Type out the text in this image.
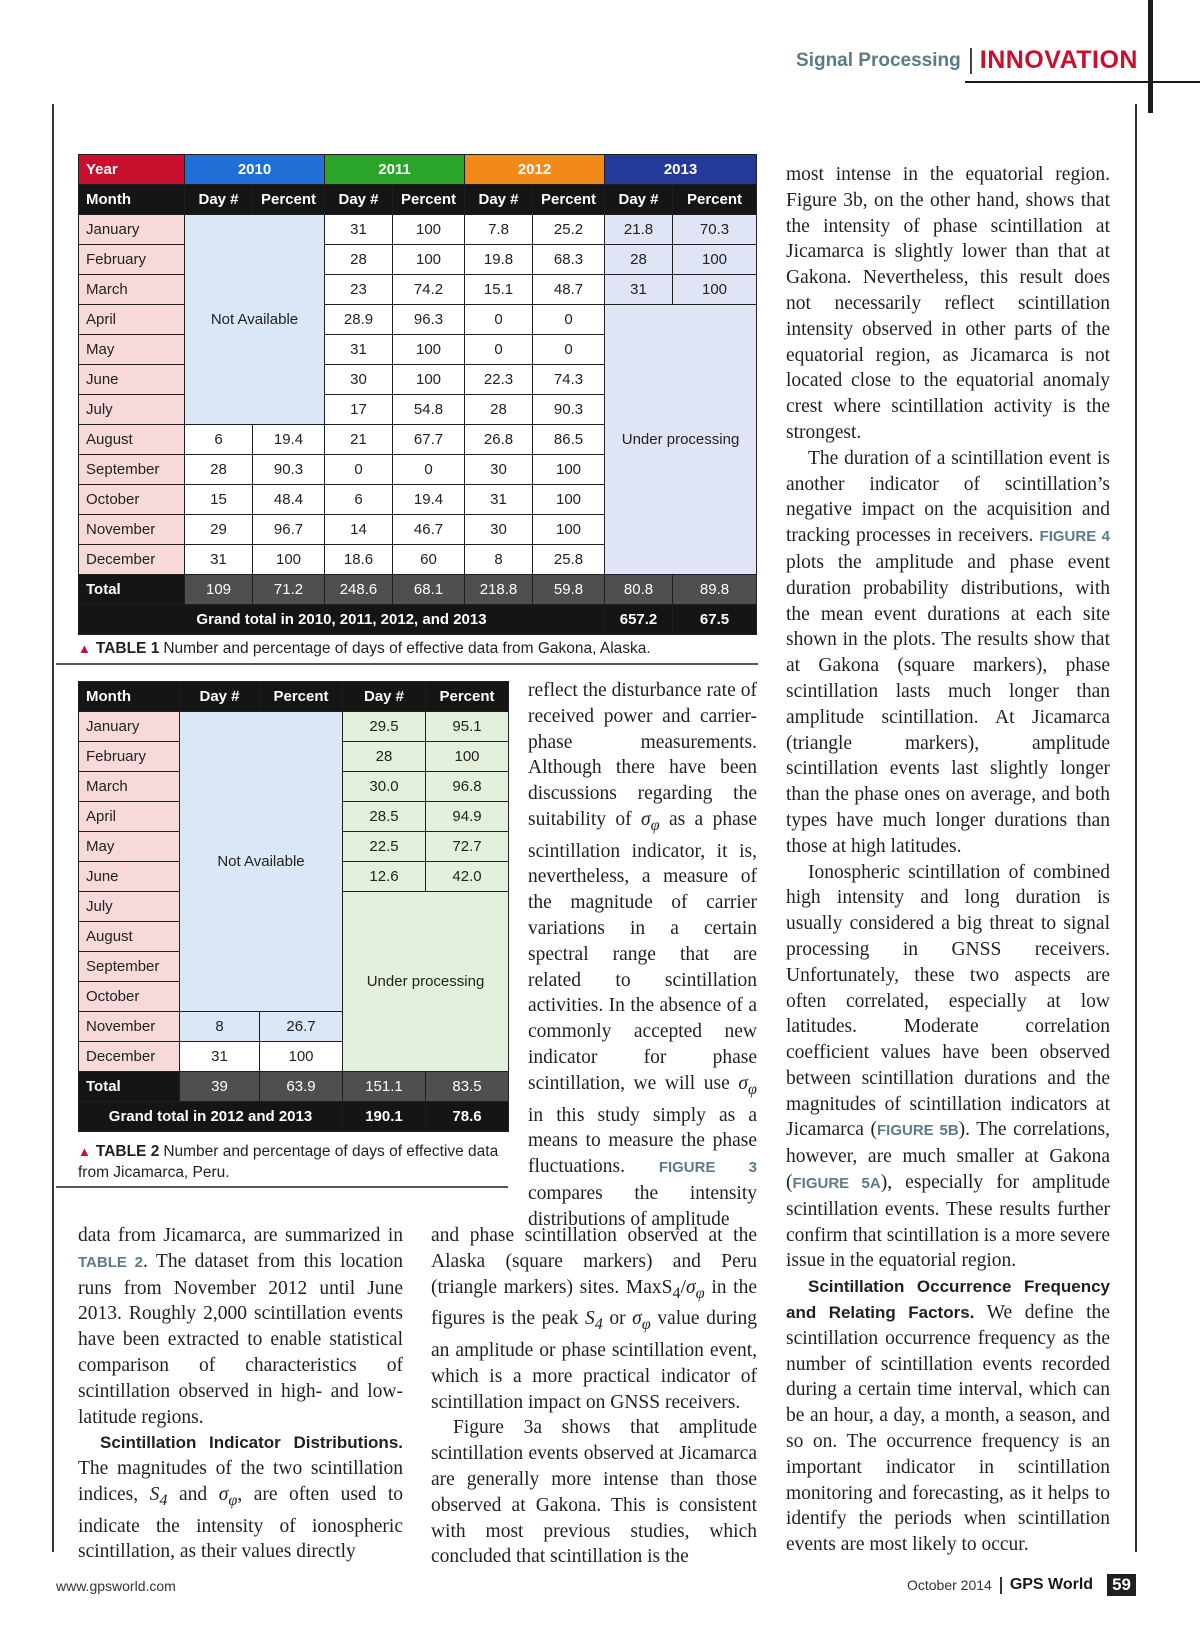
Signal Processing INNOVATION
Year	2010		2011		2012		2013	
Month	Day #	Percent	Day #	Percent	Day #	Percent	Day #	Percent
January	Not Available		31	100	7.8	25.2	21.8	70.3
February			28	100	19.8	68.3	28	100
March			23	74.2	15.1	48.7	31	100
April			28.9	96.3	0	0	Under processing	
May			31	100	0	0		
June			30	100	22.3	74.3		
July			17	54.8	28	90.3		
August	6	19.4	21	67.7	26.8	86.5		
September	28	90.3	0	0	30	100		
October	15	48.4	6	19.4	31	100		
November	29	96.7	14	46.7	30	100		
December	31	100	18.6	60	8	25.8		
Total	109	71.2	248.6	68.1	218.8	59.8	80.8	89.8
Grand total in 2010, 2011, 2012, and 2013							657.2	67.5
▲ TABLE 1 Number and percentage of days of effective data from Gakona, Alaska.
Month	Day #	Percent	Day #	Percent
January	Not Available		29.5	95.1
February			28	100
March			30.0	96.8
April			28.5	94.9
May			22.5	72.7
June			12.6	42.0
July			Under processing	
August				
September				
October				
November	8	26.7		
December	31	100		
Total	39	63.9	151.1	83.5
Grand total in 2012 and 2013			190.1	78.6
▲ TABLE 2 Number and percentage of days of effective data from Jicamarca, Peru.

data from Jicamarca, are summarized in TABLE 2. The dataset from this location runs from November 2012 until June 2013. Roughly 2,000 scintillation events have been extracted to enable statistical comparison of characteristics of scintillation observed in high- and low-latitude regions.

Scintillation Indicator Distributions. The magnitudes of the two scintillation indices, $S_4$ and $\sigma_\varphi$, are often used to indicate the intensity of ionospheric scintillation, as their values directly

reflect the disturbance rate of received power and carrier-phase measurements. Although there have been discussions regarding the suitability of $\sigma_\varphi$ as a phase scintillation indicator, it is, nevertheless, a measure of the magnitude of carrier variations in a certain spectral range that are related to scintillation activities. In the absence of a commonly accepted new indicator for phase scintillation, we will use $\sigma_\varphi$ in this study simply as a means to measure the phase fluctuations. FIGURE 3 compares the intensity distributions of amplitude

and phase scintillation observed at the Alaska (square markers) and Peru (triangle markers) sites. $MaxS_4/\sigma_\varphi$ in the figures is the peak $S_4$ or $\sigma_\varphi$ value during an amplitude or phase scintillation event, which is a more practical indicator of scintillation impact on GNSS receivers.

Figure 3a shows that amplitude scintillation events observed at Jicamarca are generally more intense than those observed at Gakona. This is consistent with most previous studies, which concluded that scintillation is the

most intense in the equatorial region. Figure 3b, on the other hand, shows that the intensity of phase scintillation at Jicamarca is slightly lower than that at Gakona. Nevertheless, this result does not necessarily reflect scintillation intensity observed in other parts of the equatorial region, as Jicamarca is not located close to the equatorial anomaly crest where scintillation activity is the strongest.

The duration of a scintillation event is another indicator of scintillation’s negative impact on the acquisition and tracking processes in receivers. FIGURE 4 plots the amplitude and phase event duration probability distributions, with the mean event durations at each site shown in the plots. The results show that at Gakona (square markers), phase scintillation lasts much longer than amplitude scintillation. At Jicamarca (triangle markers), amplitude scintillation events last slightly longer than the phase ones on average, and both types have much longer durations than those at high latitudes.

Ionospheric scintillation of combined high intensity and long duration is usually considered a big threat to signal processing in GNSS receivers. Unfortunately, these two aspects are often correlated, especially at low latitudes. Moderate correlation coefficient values have been observed between scintillation durations and the magnitudes of scintillation indicators at Jicamarca (FIGURE 5B). The correlations, however, are much smaller at Gakona (FIGURE 5A), especially for amplitude scintillation events. These results further confirm that scintillation is a more severe issue in the equatorial region.

Scintillation Occurrence Frequency and Relating Factors. We define the scintillation occurrence frequency as the number of scintillation events recorded during a certain time interval, which can be an hour, a day, a month, a season, and so on. The occurrence frequency is an important indicator in scintillation monitoring and forecasting, as it helps to identify the periods when scintillation events are most likely to occur.

www.gpsworld.com	October 2014 GPS World 59
